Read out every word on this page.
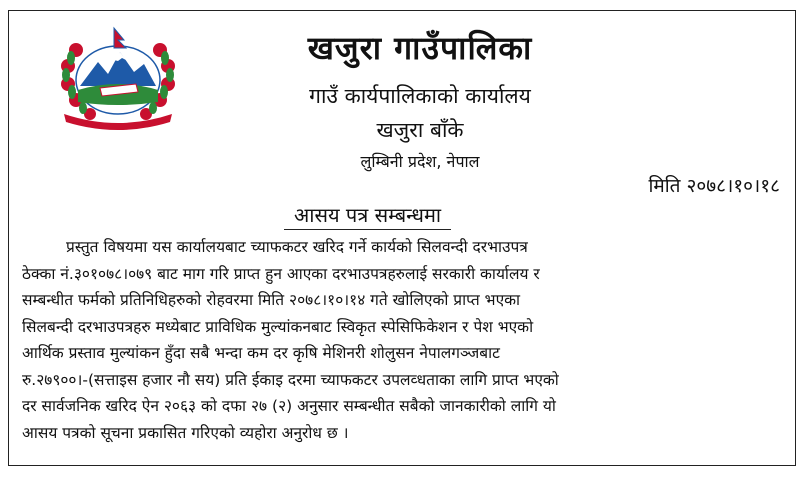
खजुरा गाउँपालिका
गाउँ कार्यपालिकाको कार्यालय
खजुरा बाँके
लुम्बिनी प्रदेश, नेपाल
मिति २०७८।१०।१८
आसय पत्र सम्बन्धमा

प्रस्तुत विषयमा यस कार्यालयबाट च्याफकटर खरिद गर्ने कार्यको सिलवन्दी दरभाउपत्र
ठेक्का नं.३०१०७८।०७९ बाट माग गरि प्राप्त हुन आएका दरभाउपत्रहरुलाई सरकारी कार्यालय र
सम्बन्धीत फर्मको प्रतिनिधिहरुको रोहवरमा मिति २०७८।१०।१४ गते खोलिएको प्राप्त भएका
सिलबन्दी दरभाउपत्रहरु मध्येबाट प्राविधिक मुल्यांकनबाट स्विकृत स्पेसिफिकेशन र पेश भएको
आर्थिक प्रस्ताव मुल्यांकन हुँदा सबै भन्दा कम दर कृषि मेशिनरी शोलुसन नेपालगञ्जबाट
रु.२७९००।-(सत्ताइस हजार नौ सय) प्रति ईकाइ दरमा च्याफकटर उपलव्धताका लागि प्राप्त भएको
दर सार्वजनिक खरिद ऐन २०६३ को दफा २७ (२) अनुसार सम्बन्धीत सबैको जानकारीको लागि यो
आसय पत्रको सूचना प्रकासित गरिएको व्यहोरा अनुरोध छ ।
